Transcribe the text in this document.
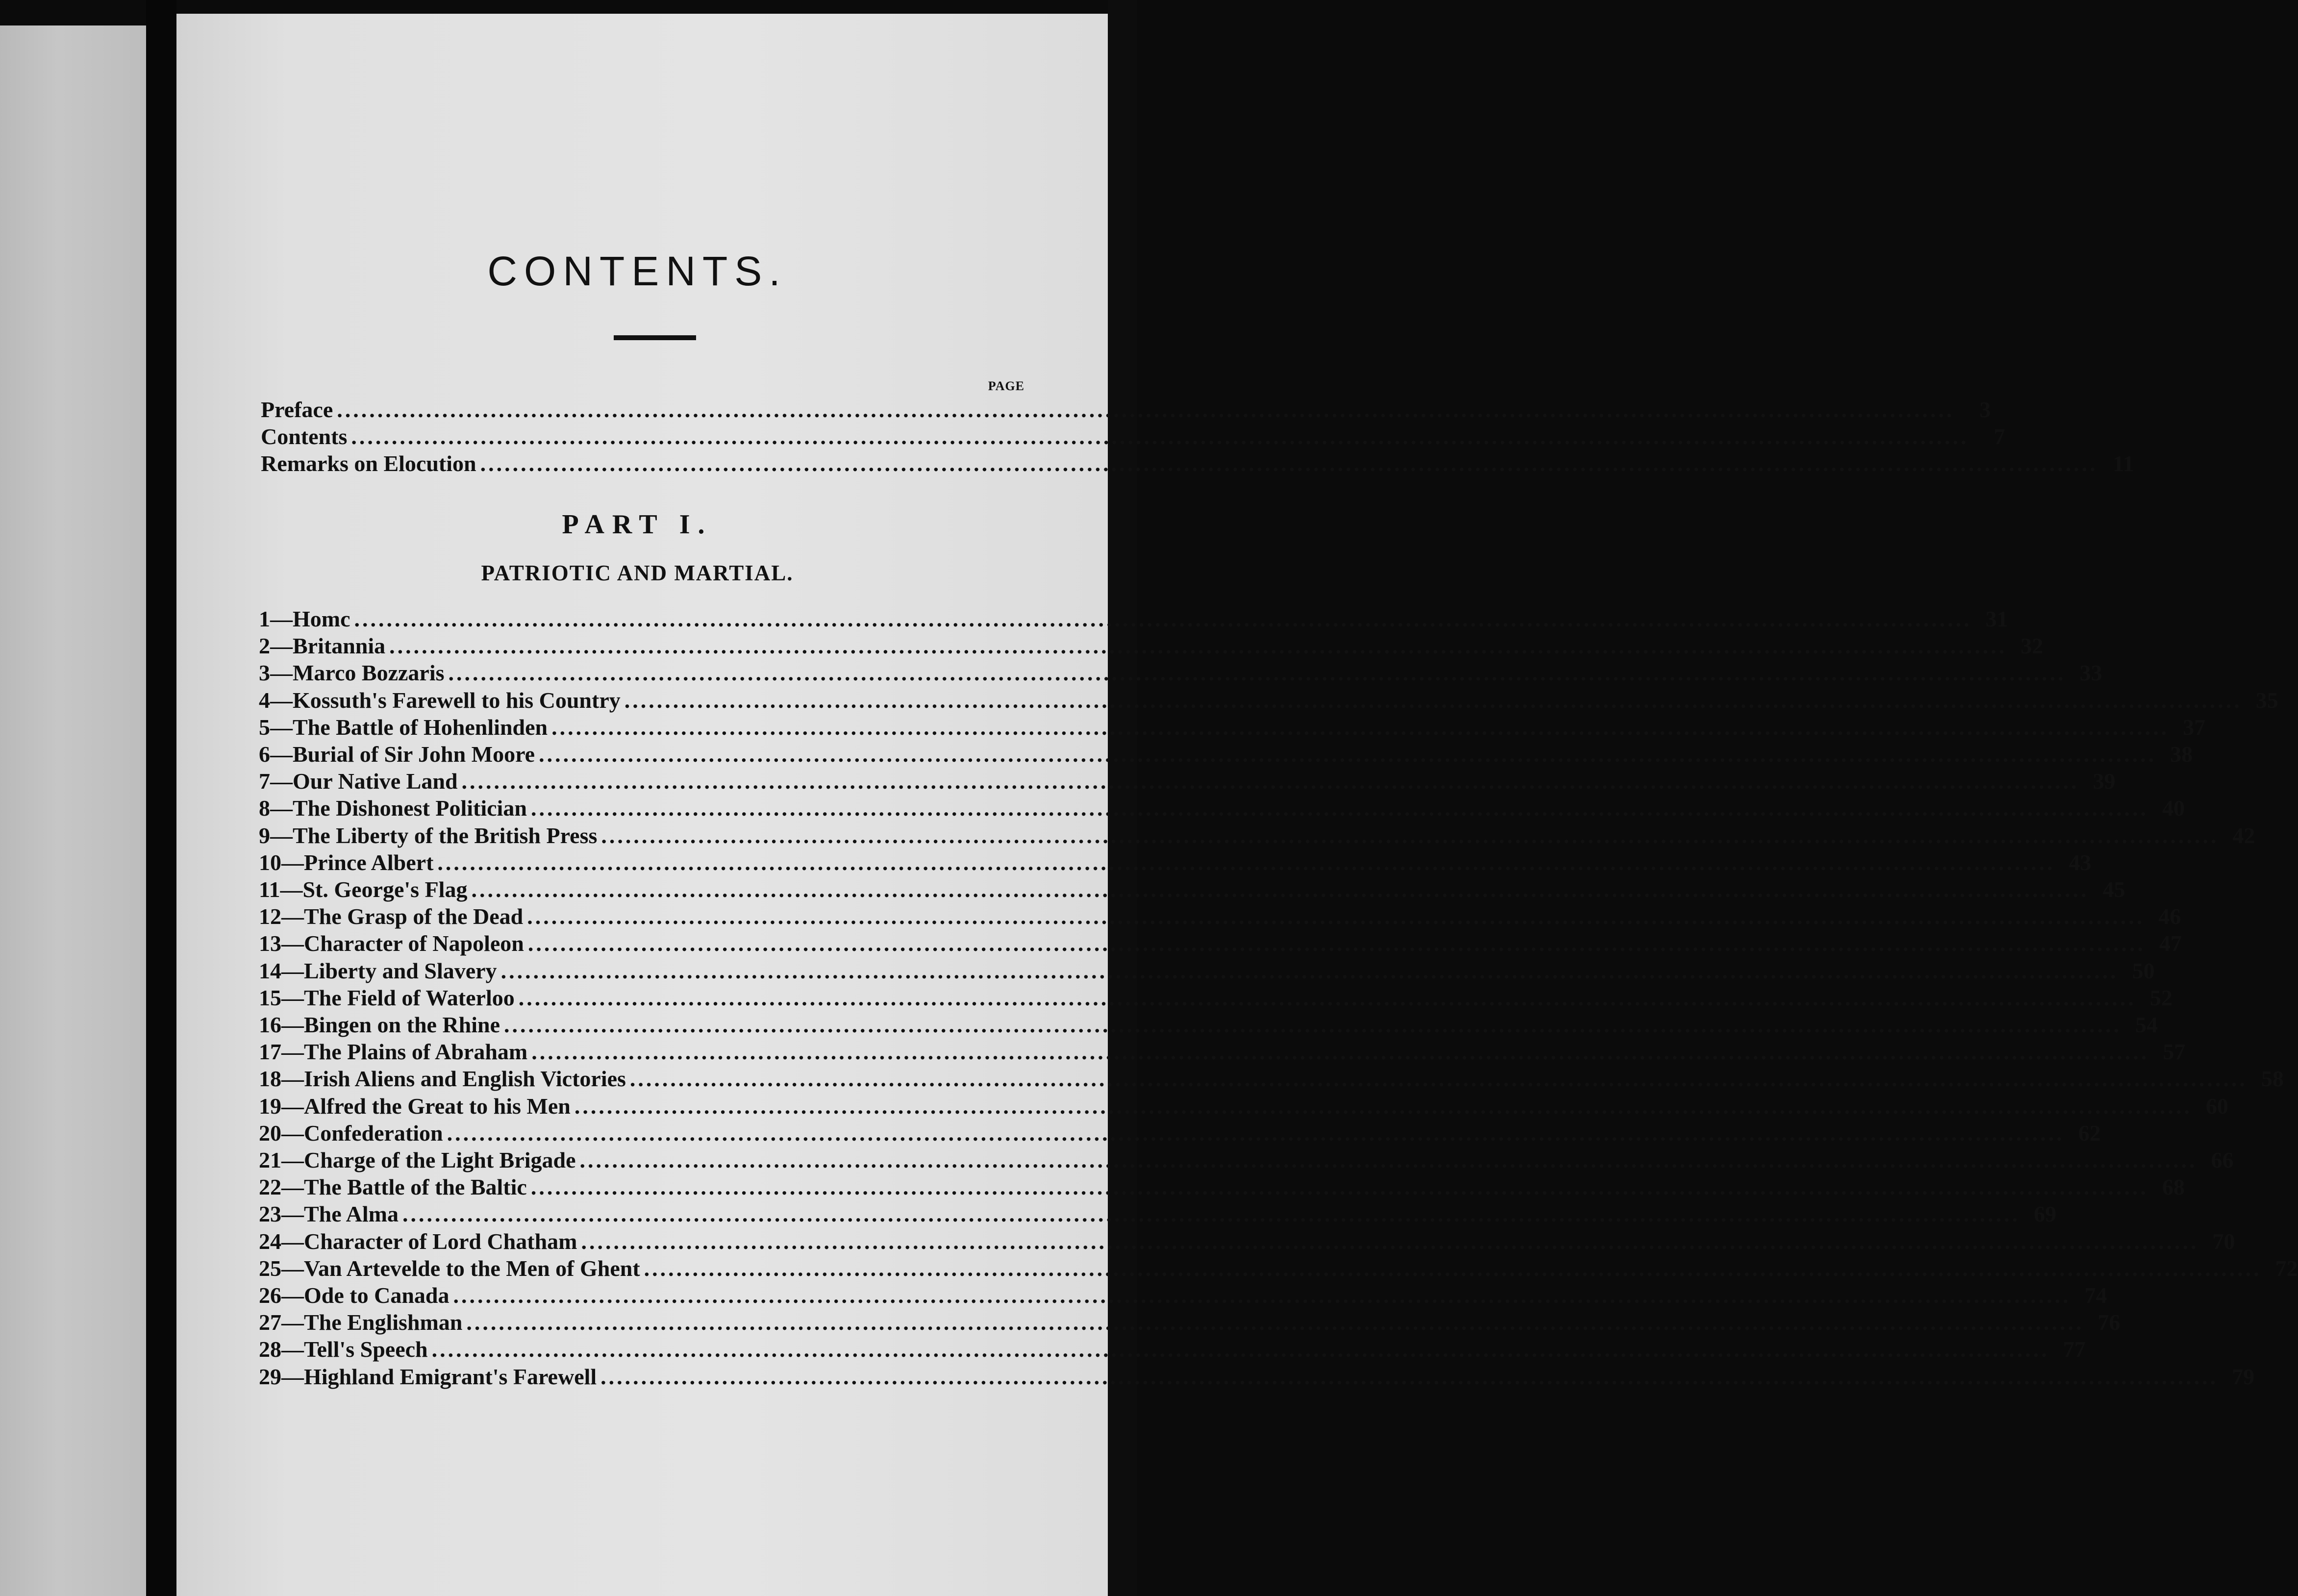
CONTENTS.
PAGE
Preface ........................................................................................................................................................................................................	3
Contents ........................................................................................................................................................................................................	7
Remarks on Elocution ........................................................................................................................................................................................................ 11
PART I.
PATRIOTIC AND MARTIAL.
1—Homc ........................................................................................................................................................................................................ 31
2—Britannia ........................................................................................................................................................................................................ 32
3—Marco Bozzaris ........................................................................................................................................................................................................ 33
4—Kossuth's Farewell to his Country ........................................................................................................................................................................................................ 35
5—The Battle of Hohenlinden ........................................................................................................................................................................................................ 37
6—Burial of Sir John Moore ........................................................................................................................................................................................................ 38
7—Our Native Land ........................................................................................................................................................................................................ 39
8—The Dishonest Politician ........................................................................................................................................................................................................ 40
9—The Liberty of the British Press ........................................................................................................................................................................................................ 42
10—Prince Albert ........................................................................................................................................................................................................ 43
11—St. George's Flag ........................................................................................................................................................................................................ 45
12—The Grasp of the Dead ........................................................................................................................................................................................................ 46
13—Character of Napoleon ........................................................................................................................................................................................................ 47
14—Liberty and Slavery ........................................................................................................................................................................................................ 50
15—The Field of Waterloo ........................................................................................................................................................................................................ 52
16—Bingen on the Rhine ........................................................................................................................................................................................................ 54
17—The Plains of Abraham ........................................................................................................................................................................................................ 57
18—Irish Aliens and English Victories ........................................................................................................................................................................................................ 58
19—Alfred the Great to his Men ........................................................................................................................................................................................................ 60
20—Confederation ........................................................................................................................................................................................................ 62
21—Charge of the Light Brigade ........................................................................................................................................................................................................ 66
22—The Battle of the Baltic ........................................................................................................................................................................................................ 68
23—The Alma ........................................................................................................................................................................................................ 69
24—Character of Lord Chatham ........................................................................................................................................................................................................ 70
25—Van Artevelde to the Men of Ghent ........................................................................................................................................................................................................ 72
26—Ode to Canada ........................................................................................................................................................................................................ 74
27—The Englishman ........................................................................................................................................................................................................ 76
28—Tell's Speech ........................................................................................................................................................................................................ 77
29—Highland Emigrant's Farewell ........................................................................................................................................................................................................ 79
